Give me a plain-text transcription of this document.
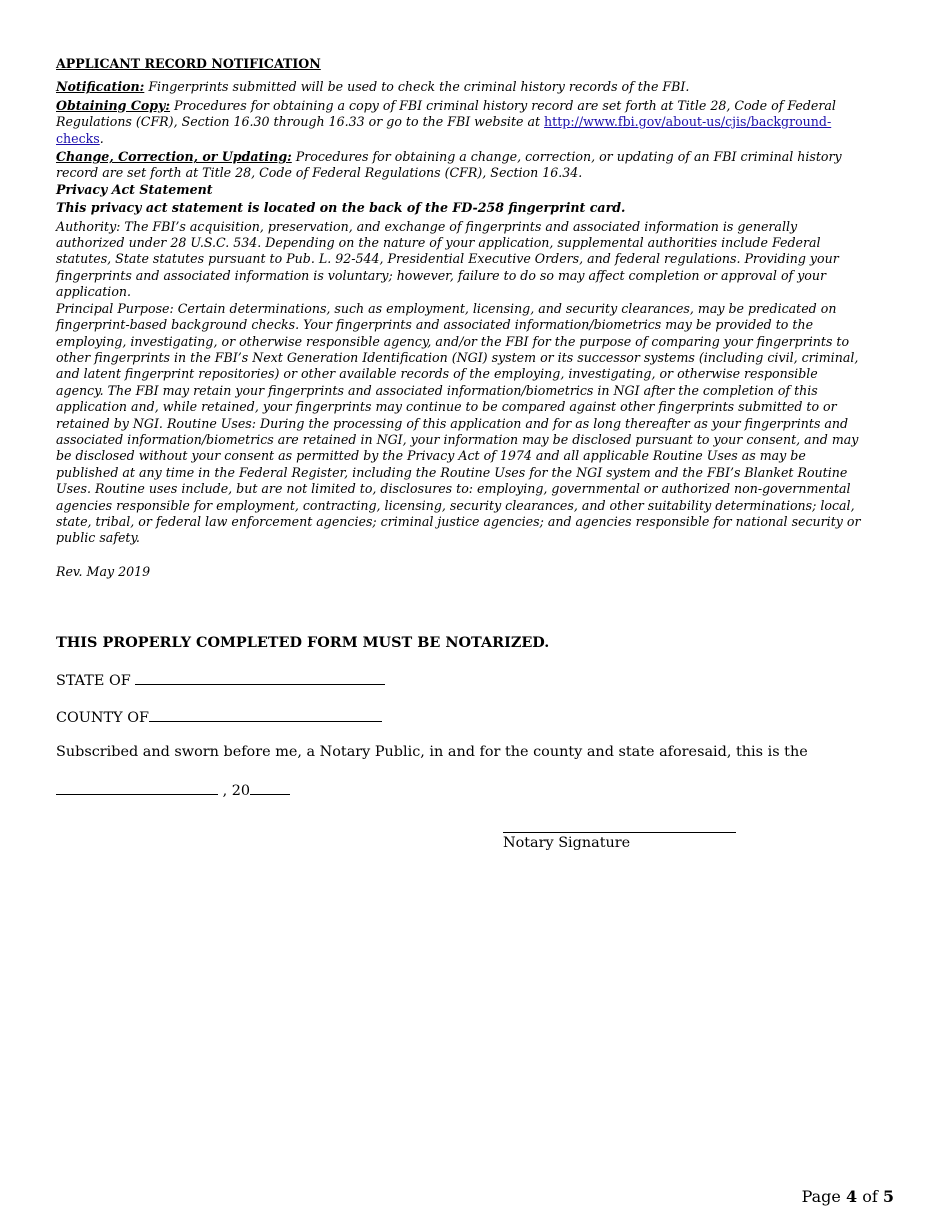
APPLICANT RECORD NOTIFICATION

Notification: Fingerprints submitted will be used to check the criminal history records of the FBI.

Obtaining Copy: Procedures for obtaining a copy of FBI criminal history record are set forth at Title 28, Code of Federal Regulations (CFR), Section 16.30 through 16.33 or go to the FBI website at http://www.fbi.gov/about-us/cjis/background- checks.

Change, Correction, or Updating: Procedures for obtaining a change, correction, or updating of an FBI criminal history record are set forth at Title 28, Code of Federal Regulations (CFR), Section 16.34.

Privacy Act Statement

This privacy act statement is located on the back of the FD-258 fingerprint card.

Authority: The FBI’s acquisition, preservation, and exchange of fingerprints and associated information is generally authorized under 28 U.S.C. 534. Depending on the nature of your application, supplemental authorities include Federal statutes, State statutes pursuant to Pub. L. 92-544, Presidential Executive Orders, and federal regulations. Providing your fingerprints and associated information is voluntary; however, failure to do so may affect completion or approval of your application.

Principal Purpose: Certain determinations, such as employment, licensing, and security clearances, may be predicated on fingerprint-based background checks. Your fingerprints and associated information/biometrics may be provided to the employing, investigating, or otherwise responsible agency, and/or the FBI for the purpose of comparing your fingerprints to other fingerprints in the FBI’s Next Generation Identification (NGI) system or its successor systems (including civil, criminal, and latent fingerprint repositories) or other available records of the employing, investigating, or otherwise responsible agency. The FBI may retain your fingerprints and associated information/biometrics in NGI after the completion of this application and, while retained, your fingerprints may continue to be compared against other fingerprints submitted to or retained by NGI. Routine Uses: During the processing of this application and for as long thereafter as your fingerprints and associated information/biometrics are retained in NGI, your information may be disclosed pursuant to your consent, and may be disclosed without your consent as permitted by the Privacy Act of 1974 and all applicable Routine Uses as may be published at any time in the Federal Register, including the Routine Uses for the NGI system and the FBI’s Blanket Routine Uses. Routine uses include, but are not limited to, disclosures to: employing, governmental or authorized non-governmental agencies responsible for employment, contracting, licensing, security clearances, and other suitability determinations; local, state, tribal, or federal law enforcement agencies; criminal justice agencies; and agencies responsible for national security or public safety.

Rev. May 2019

THIS PROPERLY COMPLETED FORM MUST BE NOTARIZED.

STATE OF

COUNTY OF

Subscribed and sworn before me, a Notary Public, in and for the county and state aforesaid, this is the

, 20

Notary Signature
Page 4 of 5
